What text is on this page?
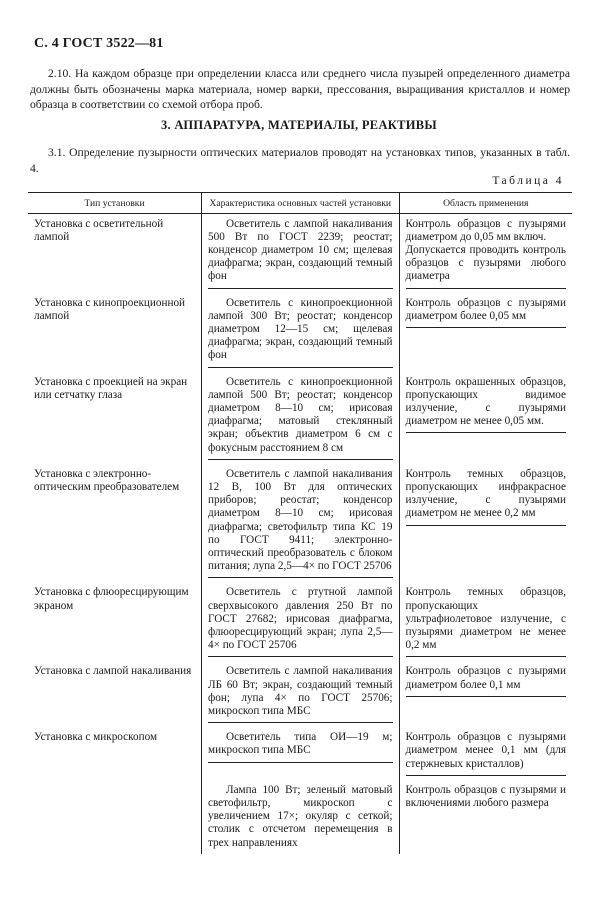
С. 4 ГОСТ 3522—81
2.10. На каждом образце при определении класса или среднего числа пузырей определенного диаметра должны быть обозначены марка материала, номер варки, прессования, выращивания кристаллов и номер образца в соответствии со схемой отбора проб.
3. АППАРАТУРА, МАТЕРИАЛЫ, РЕАКТИВЫ
3.1. Определение пузырности оптических материалов проводят на установках типов, указанных в табл. 4.
Таблица 4
Тип установки	Характеристика основных частей установки	Область применения

Установка с осветительной лампой	Осветитель с лампой накаливания 500 Вт по ГОСТ 2239; реостат; конденсор диаметром 10 см; щелевая диафрагма; экран, создающий темный фон	Контроль образцов с пузырями диаметром до 0,05 мм включ.
Допускается проводить контроль образцов с пузырями любого диаметра

Установка с кинопроекционной лампой	Осветитель с кинопроекционной лампой 300 Вт; реостат; конденсор диаметром 12—15 см; щелевая диафрагма; экран, создающий темный фон	Контроль образцов с пузырями диаметром более 0,05 мм

Установка с проекцией на экран или сетчатку глаза	Осветитель с кинопроекционной лампой 500 Вт; реостат; конденсор диаметром 8—10 см; ирисовая диафрагма; матовый стеклянный экран; объектив диаметром 6 см с фокусным расстоянием 8 см	Контроль окрашенных образцов, пропускающих видимое излучение, с пузырями диаметром не менее 0,05 мм.

Установка с электронно-оптическим преобразователем	Осветитель с лампой накаливания 12 В, 100 Вт для оптических приборов; реостат; конденсор диаметром 8—10 см; ирисовая диафрагма; светофильтр типа КС 19 по ГОСТ 9411; электронно-оптический преобразователь с блоком питания; лупа 2,5—4× по ГОСТ 25706	Контроль темных образцов, пропускающих инфракрасное излучение, с пузырями диаметром не менее 0,2 мм

Установка с флюоресцирующим экраном	Осветитель с ртутной лампой сверхвысокого давления 250 Вт по ГОСТ 27682; ирисовая диафрагма, флюоресцирующий экран; лупа 2,5—4× по ГОСТ 25706	Контроль темных образцов, пропускающих ультрафиолетовое излучение, с пузырями диаметром не менее 0,2 мм

Установка с лампой накаливания	Осветитель с лампой накаливания ЛБ 60 Вт; экран, создающий темный фон; лупа 4× по ГОСТ 25706; микроскоп типа МБС	Контроль образцов с пузырями диаметром более 0,1 мм

Установка с микроскопом	Осветитель типа ОИ—19 м; микроскоп типа МБС	Контроль образцов с пузырями диаметром менее 0,1 мм (для стержневых кристаллов)

	Лампа 100 Вт; зеленый матовый светофильтр, микроскоп с увеличением 17×; окуляр с сеткой; столик с отсчетом перемещения в трех направлениях	Контроль образцов с пузырями и включениями любого размера
